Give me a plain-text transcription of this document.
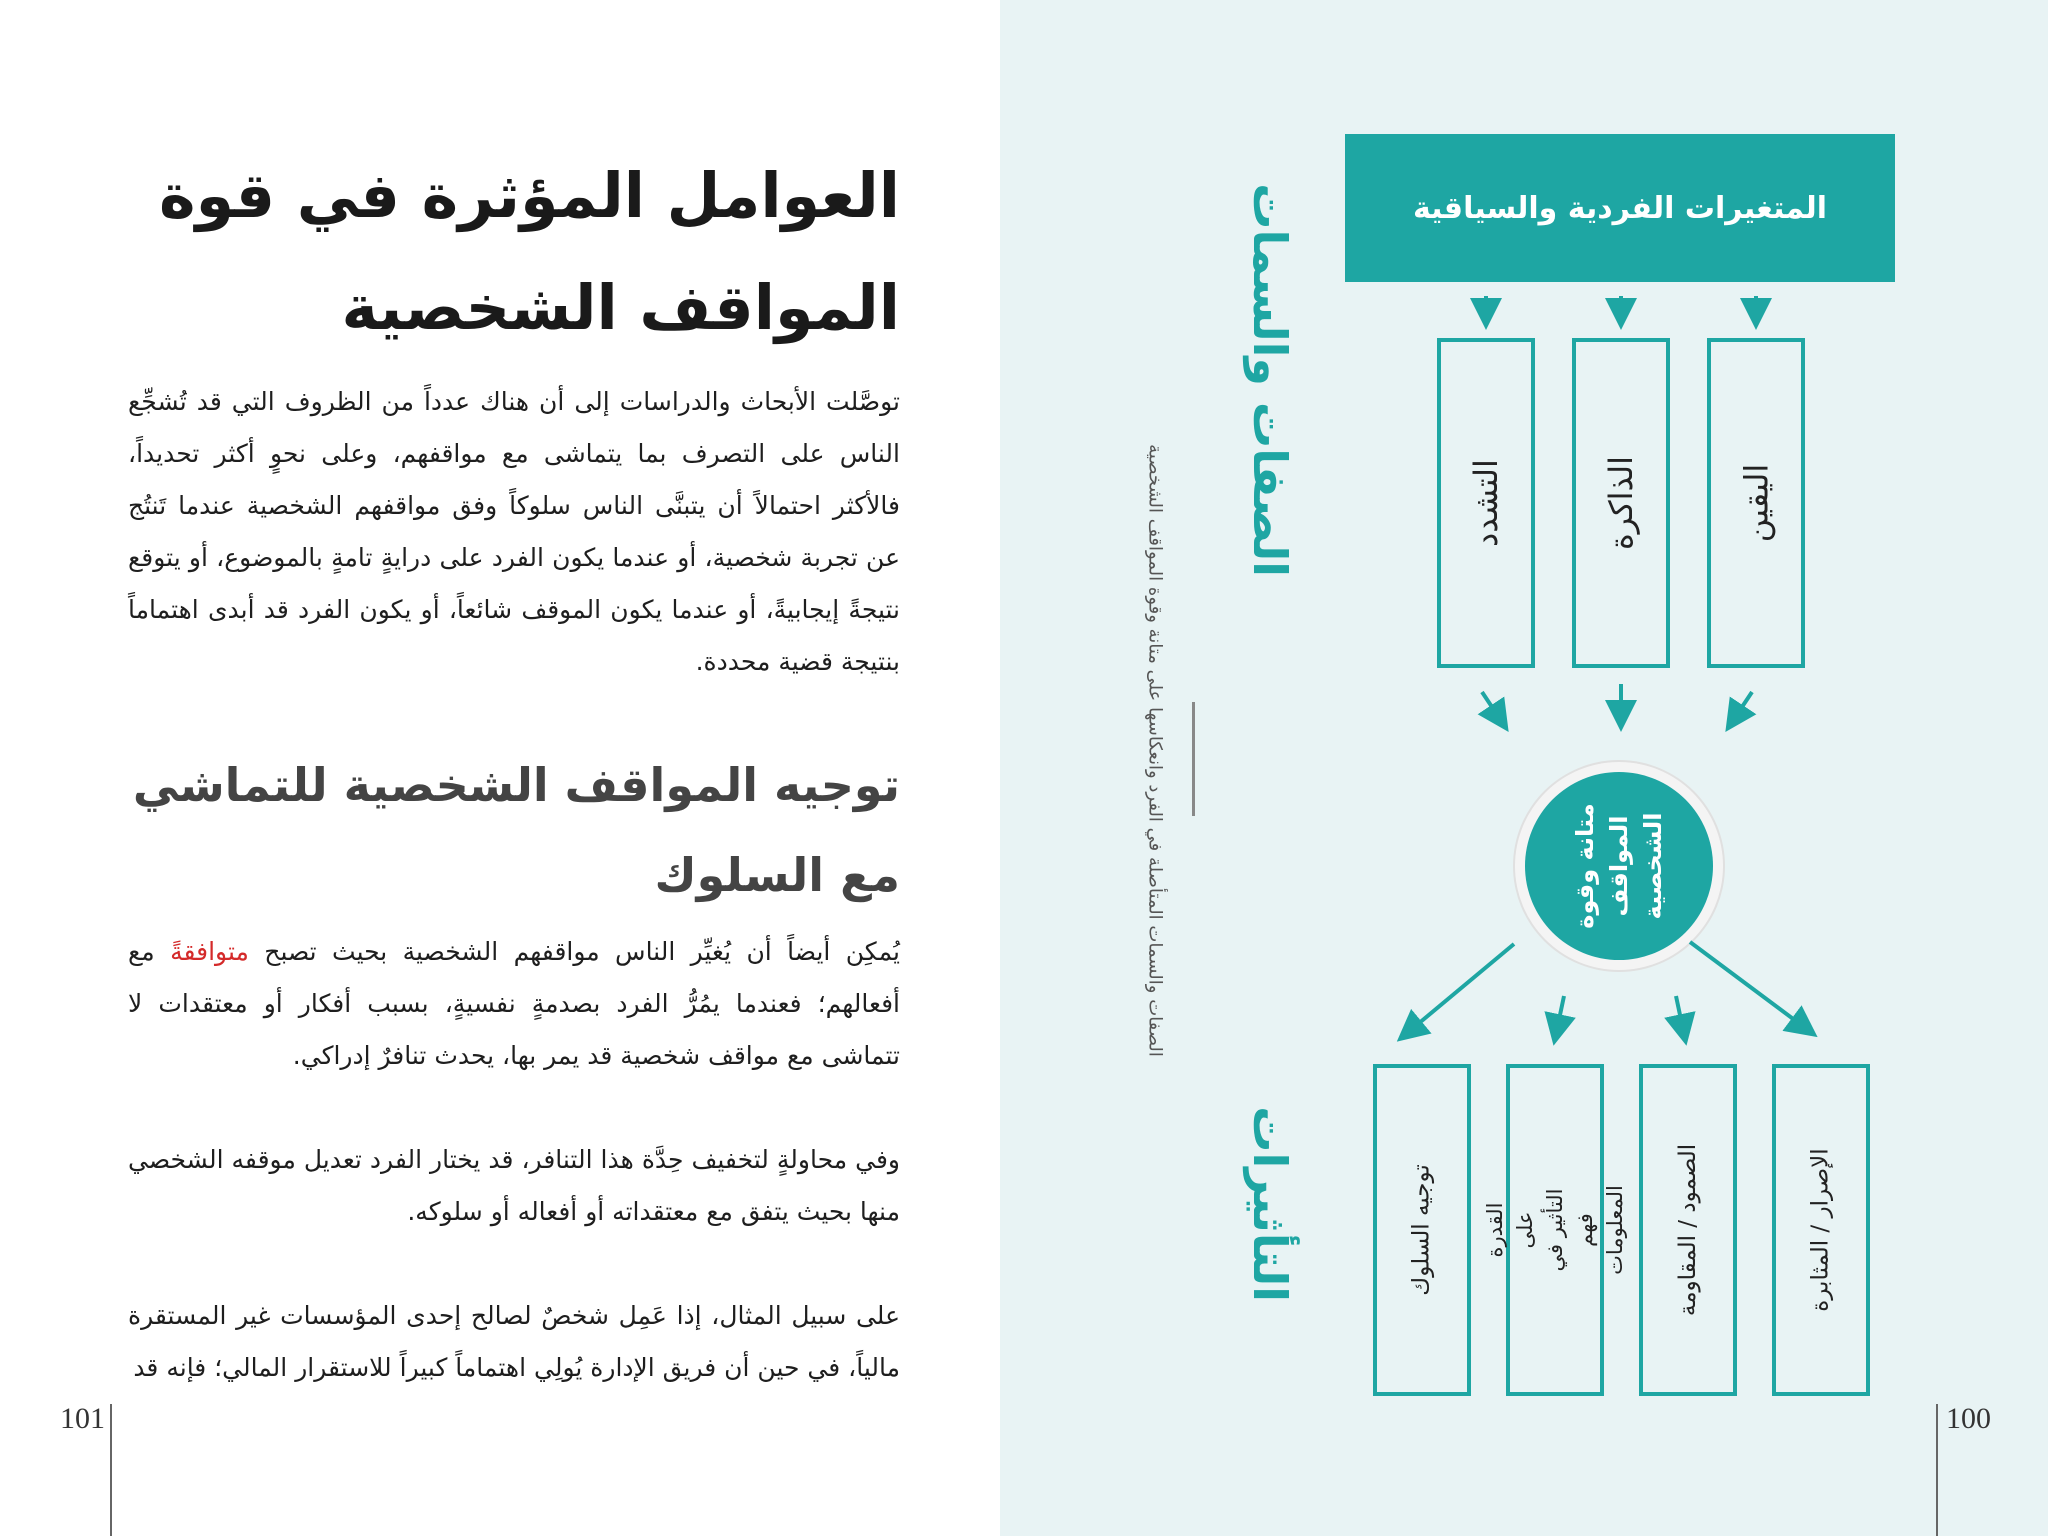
العوامل المؤثرة في قوة
المواقف الشخصية
توصَّلت الأبحاث والدراسات إلى أن هناك عدداً من الظروف التي قد تُشجِّع الناس على التصرف بما يتماشى مع مواقفهم، وعلى نحوٍ أكثر تحديداً، فالأكثر احتمالاً أن يتبنَّى الناس سلوكاً وفق مواقفهم الشخصية عندما تَنتُج عن تجربة شخصية، أو عندما يكون الفرد على درايةٍ تامةٍ بالموضوع، أو يتوقع نتيجةً إيجابيةً، أو عندما يكون الموقف شائعاً، أو يكون الفرد قد أبدى اهتماماً بنتيجة قضية محددة.
توجيه المواقف الشخصية للتماشي مع السلوك
يُمكِن أيضاً أن يُغيِّر الناس مواقفهم الشخصية بحيث تصبح متوافقةً مع أفعالهم؛ فعندما يمُرُّ الفرد بصدمةٍ نفسيةٍ، بسبب أفكار أو معتقدات لا تتماشى مع مواقف شخصية قد يمر بها، يحدث تنافرٌ إدراكي.
وفي محاولةٍ لتخفيف حِدَّة هذا التنافر، قد يختار الفرد تعديل موقفه الشخصي منها بحيث يتفق مع معتقداته أو أفعاله أو سلوكه.
على سبيل المثال، إذا عَمِل شخصٌ لصالح إحدى المؤسسات غير المستقرة مالياً، في حين أن فريق الإدارة يُولِي اهتماماً كبيراً للاستقرار المالي؛ فإنه قد
101
الصفات والسمات المتأصلة في الفرد وانعكاسها على متانة وقوة المواقف الشخصية
الصفات والسمات
التأثيرات
المتغيرات الفردية والسياقية
اليقين
الذاكرة
التشدد
متانة وقوة
المواقف
الشخصية
الإصرار / المثابرة
الصمود / المقاومة
القدرة على التأثير في فهم
المعلومات
توجيه السلوك
100
